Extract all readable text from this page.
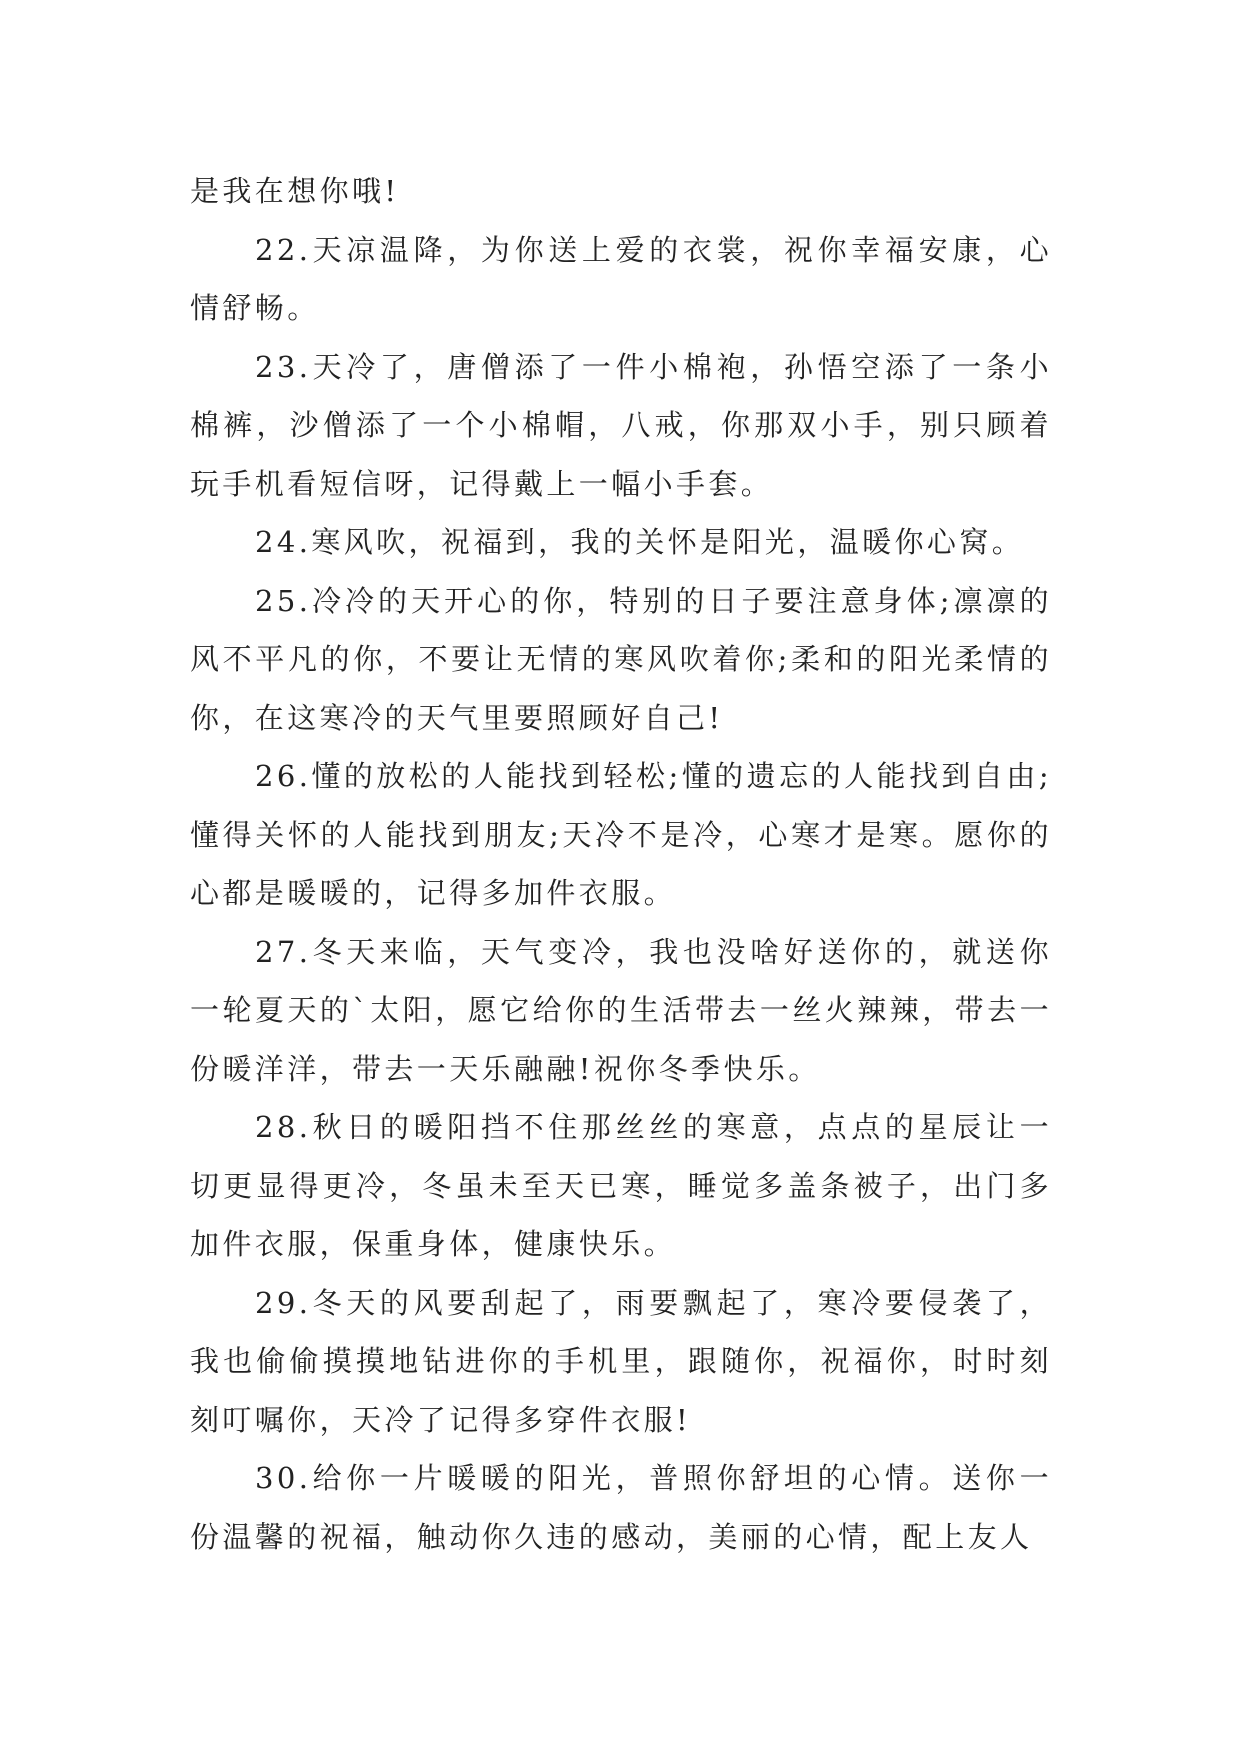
是我在想你哦!

22.天凉温降，为你送上爱的衣裳，祝你幸福安康，心情舒畅。

23.天冷了，唐僧添了一件小棉袍，孙悟空添了一条小棉裤，沙僧添了一个小棉帽，八戒，你那双小手，别只顾着玩手机看短信呀，记得戴上一幅小手套。

24.寒风吹，祝福到，我的关怀是阳光，温暖你心窝。

25.冷冷的天开心的你，特别的日子要注意身体;凛凛的风不平凡的你，不要让无情的寒风吹着你;柔和的阳光柔情的你，在这寒冷的天气里要照顾好自己!

26.懂的放松的人能找到轻松;懂的遗忘的人能找到自由;懂得关怀的人能找到朋友;天冷不是冷，心寒才是寒。愿你的心都是暖暖的，记得多加件衣服。

27.冬天来临，天气变冷，我也没啥好送你的，就送你一轮夏天的`太阳，愿它给你的生活带去一丝火辣辣，带去一份暖洋洋，带去一天乐融融!祝你冬季快乐。

28.秋日的暖阳挡不住那丝丝的寒意，点点的星辰让一切更显得更冷，冬虽未至天已寒，睡觉多盖条被子，出门多加件衣服，保重身体，健康快乐。

29.冬天的风要刮起了，雨要飘起了，寒冷要侵袭了，我也偷偷摸摸地钻进你的手机里，跟随你，祝福你，时时刻刻叮嘱你，天冷了记得多穿件衣服!

30.给你一片暖暖的阳光，普照你舒坦的心情。送你一份温馨的祝福，触动你久违的感动，美丽的心情，配上友人
